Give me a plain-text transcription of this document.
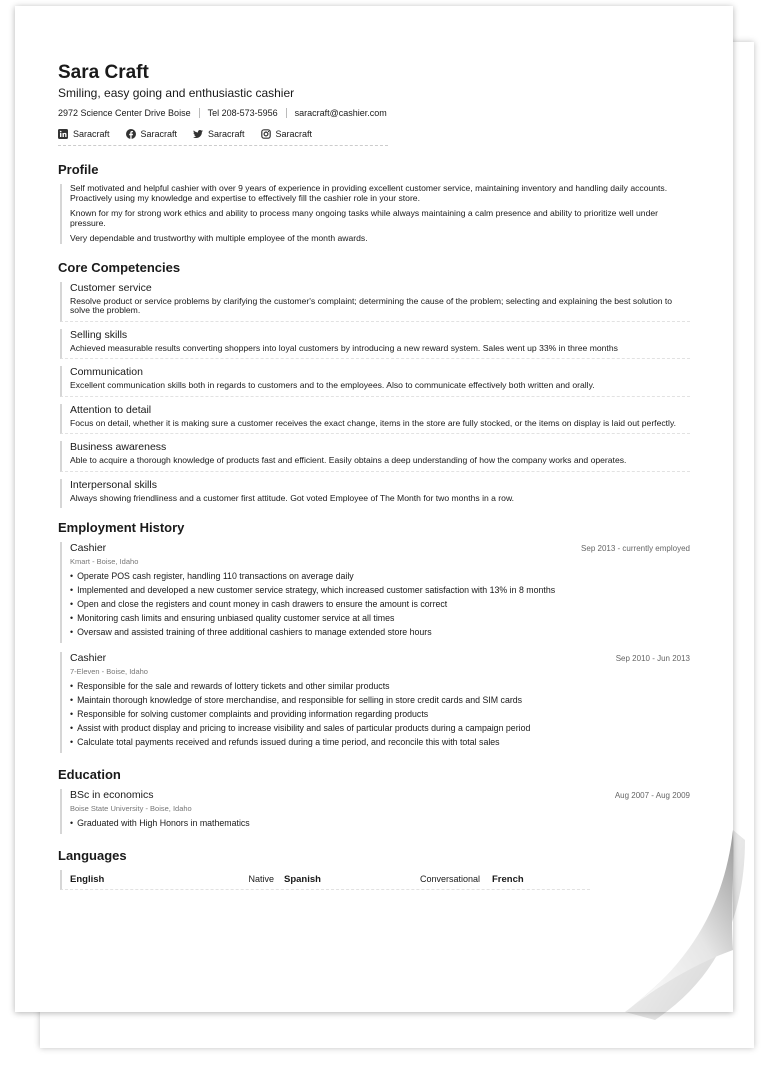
Sara Craft
Smiling, easy going and enthusiastic cashier
2972 Science Center Drive Boise Tel 208-573-5956 saracraft@cashier.com
Saracraft	Saracraft	Saracraft	Saracraft
Profile

Self motivated and helpful cashier with over 9 years of experience in providing excellent customer service, maintaining inventory and handling daily accounts. Proactively using my knowledge and expertise to effectively fill the cashier role in your store.

Known for my for strong work ethics and ability to process many ongoing tasks while always maintaining a calm presence and ability to prioritize well under pressure.

Very dependable and trustworthy with multiple employee of the month awards.

Core Competencies
Customer service
Resolve product or service problems by clarifying the customer's complaint; determining the cause of the problem; selecting and explaining the best solution to solve the problem.
Selling skills
Achieved measurable results converting shoppers into loyal customers by introducing a new reward system. Sales went up 33% in three months
Communication
Excellent communication skills both in regards to customers and to the employees. Also to communicate effectively both written and orally.
Attention to detail
Focus on detail, whether it is making sure a customer receives the exact change, items in the store are fully stocked, or the items on display is laid out perfectly.
Business awareness
Able to acquire a thorough knowledge of products fast and efficient. Easily obtains a deep understanding of how the company works and operates.
Interpersonal skills
Always showing friendliness and a customer first attitude. Got voted Employee of The Month for two months in a row.
Employment History
Cashier	Sep 2013 - currently employed
Kmart - Boise, Idaho
• Operate POS cash register, handling 110 transactions on average daily
• Implemented and developed a new customer service strategy, which increased customer satisfaction with 13% in 8 months
• Open and close the registers and count money in cash drawers to ensure the amount is correct
• Monitoring cash limits and ensuring unbiased quality customer service at all times
• Oversaw and assisted training of three additional cashiers to manage extended store hours
Cashier	Sep 2010 - Jun 2013
7-Eleven - Boise, Idaho
• Responsible for the sale and rewards of lottery tickets and other similar products
• Maintain thorough knowledge of store merchandise, and responsible for selling in store credit cards and SIM cards
• Responsible for solving customer complaints and providing information regarding products
• Assist with product display and pricing to increase visibility and sales of particular products during a campaign period
• Calculate total payments received and refunds issued during a time period, and reconcile this with total sales
Education
BSc in economics	Aug 2007 - Aug 2009
Boise State University - Boise, Idaho
• Graduated with High Honors in mathematics
Languages
English	Native Spanish	Conversational French
